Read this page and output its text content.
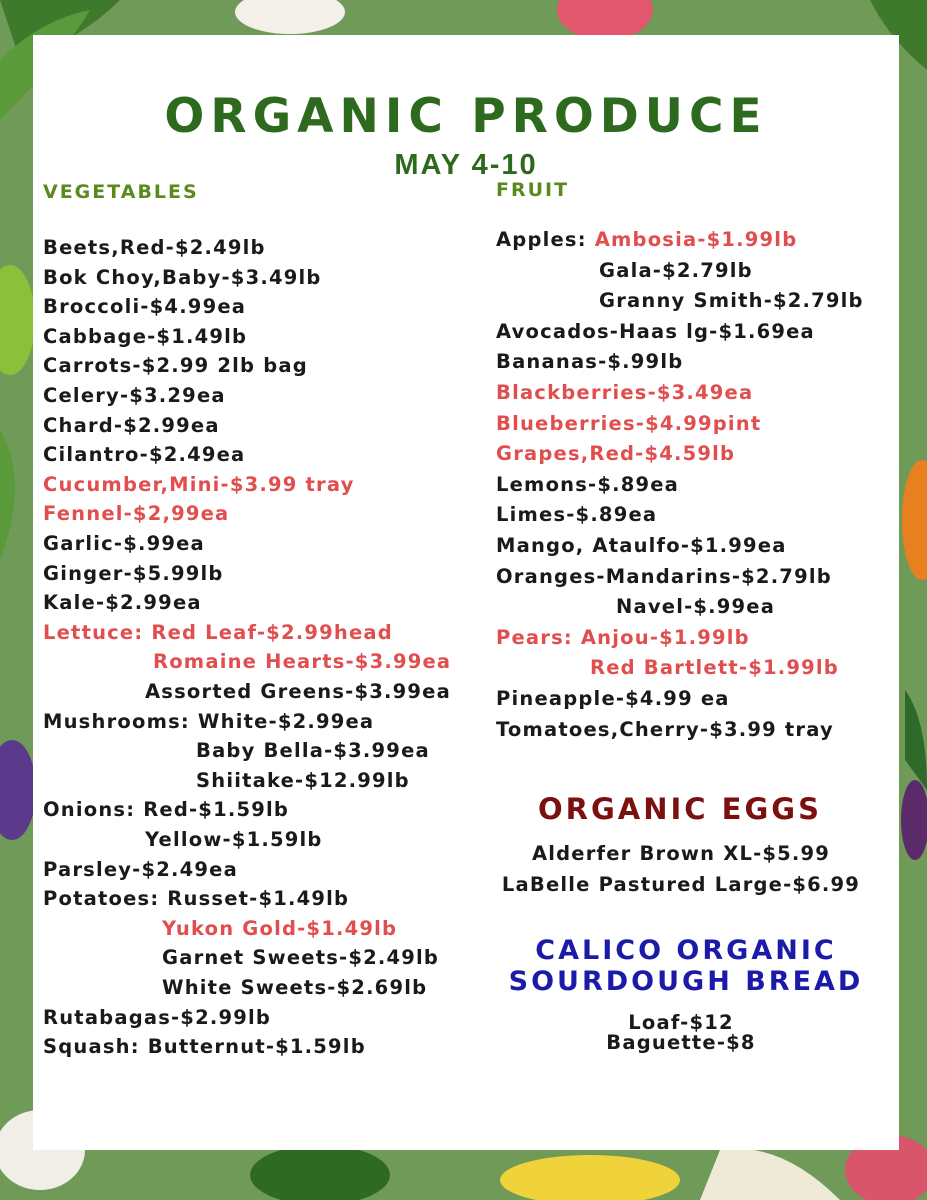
ORGANIC PRODUCE
MAY 4-10
VEGETABLES
Beets,Red-$2.49lb
Bok Choy,Baby-$3.49lb
Broccoli-$4.99ea
Cabbage-$1.49lb
Carrots-$2.99 2lb bag
Celery-$3.29ea
Chard-$2.99ea
Cilantro-$2.49ea
Cucumber,Mini-$3.99 tray
Fennel-$2,99ea
Garlic-$.99ea
Ginger-$5.99lb
Kale-$2.99ea
Lettuce: Red Leaf-$2.99head
Romaine Hearts-$3.99ea
Assorted Greens-$3.99ea
Mushrooms: White-$2.99ea
Baby Bella-$3.99ea
Shiitake-$12.99lb
Onions: Red-$1.59lb
Yellow-$1.59lb
Parsley-$2.49ea
Potatoes: Russet-$1.49lb
Yukon Gold-$1.49lb
Garnet Sweets-$2.49lb
White Sweets-$2.69lb
Rutabagas-$2.99lb
Squash: Butternut-$1.59lb
FRUIT
Apples: Ambosia-$1.99lb
Gala-$2.79lb
Granny Smith-$2.79lb
Avocados-Haas lg-$1.69ea
Bananas-$.99lb
Blackberries-$3.49ea
Blueberries-$4.99pint
Grapes,Red-$4.59lb
Lemons-$.89ea
Limes-$.89ea
Mango, Ataulfo-$1.99ea
Oranges-Mandarins-$2.79lb
Navel-$.99ea
Pears: Anjou-$1.99lb
Red Bartlett-$1.99lb
Pineapple-$4.99 ea
Tomatoes,Cherry-$3.99 tray
ORGANIC EGGS
Alderfer Brown XL-$5.99
LaBelle Pastured Large-$6.99
CALICO ORGANIC
SOURDOUGH BREAD
Loaf-$12
Baguette-$8
